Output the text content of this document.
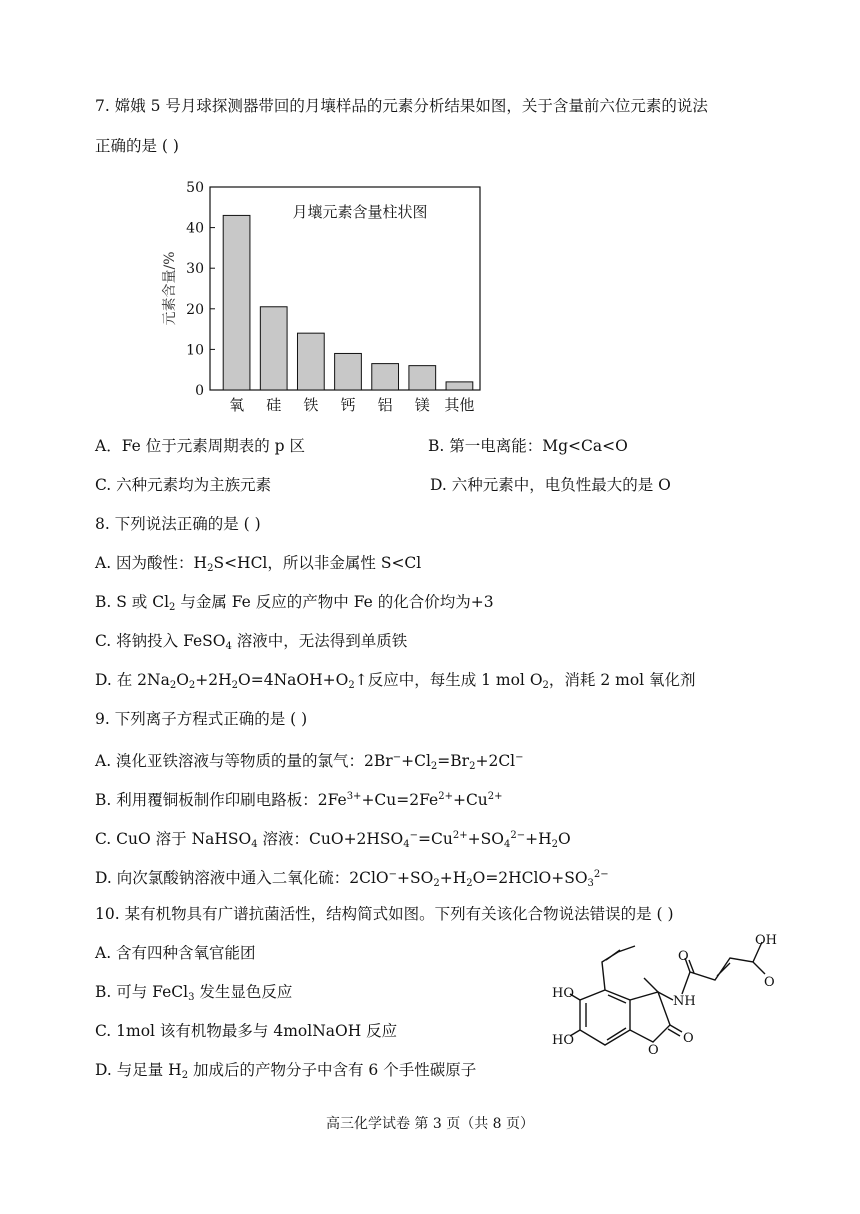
7. 嫦娥 5 号月球探测器带回的月壤样品的元素分析结果如图，关于含量前六位元素的说法
正确的是 ( )
0
10
20
30
40
50
氧 硅 铁 钙 铝 镁 其他
月壤元素含量柱状图
元素含量/%
A．Fe 位于元素周期表的 p 区	B. 第一电离能：Mg<Ca<O
C. 六种元素均为主族元素	D. 六种元素中，电负性最大的是 O
8. 下列说法正确的是 ( )
A. 因为酸性：$H_2S<HCl$，所以非金属性 S<Cl
B. S 或 $Cl_2$ 与金属 Fe 反应的产物中 Fe 的化合价均为+3
C. 将钠投入 FeSO$_4$ 溶液中，无法得到单质铁
D. 在 $2Na_2O_2+2H_2O=4NaOH+O_2↑$反应中，每生成 1 mol $O_2$，消耗 2 mol 氧化剂
9. 下列离子方程式正确的是 ( )
A. 溴化亚铁溶液与等物质的量的氯气：$2Br^-+Cl_2=Br_2+2Cl^-$
B. 利用覆铜板制作印刷电路板：$2Fe^{3+}+Cu=2Fe^{2+}+Cu^{2+}$
C. CuO 溶于 NaHSO$_4$ 溶液：$CuO+2HSO_4^-=Cu^{2+}+SO_4^{2-}+H_2O$
D. 向次氯酸钠溶液中通入二氧化硫：$2ClO^-+SO_2+H_2O=2HClO+SO_3^{2-}$
10. 某有机物具有广谱抗菌活性，结构简式如图。下列有关该化合物说法错误的是 ( )
A. 含有四种含氧官能团
B. 可与 FeCl$_3$ 发生显色反应
C. 1mol 该有机物最多与 4molNaOH 反应
D. 与足量 $H_2$ 加成后的产物分子中含有 6 个手性碳原子
OH
O
O
NH
HO
HO
O
O
高三化学试卷 第 3 页（共 8 页）
